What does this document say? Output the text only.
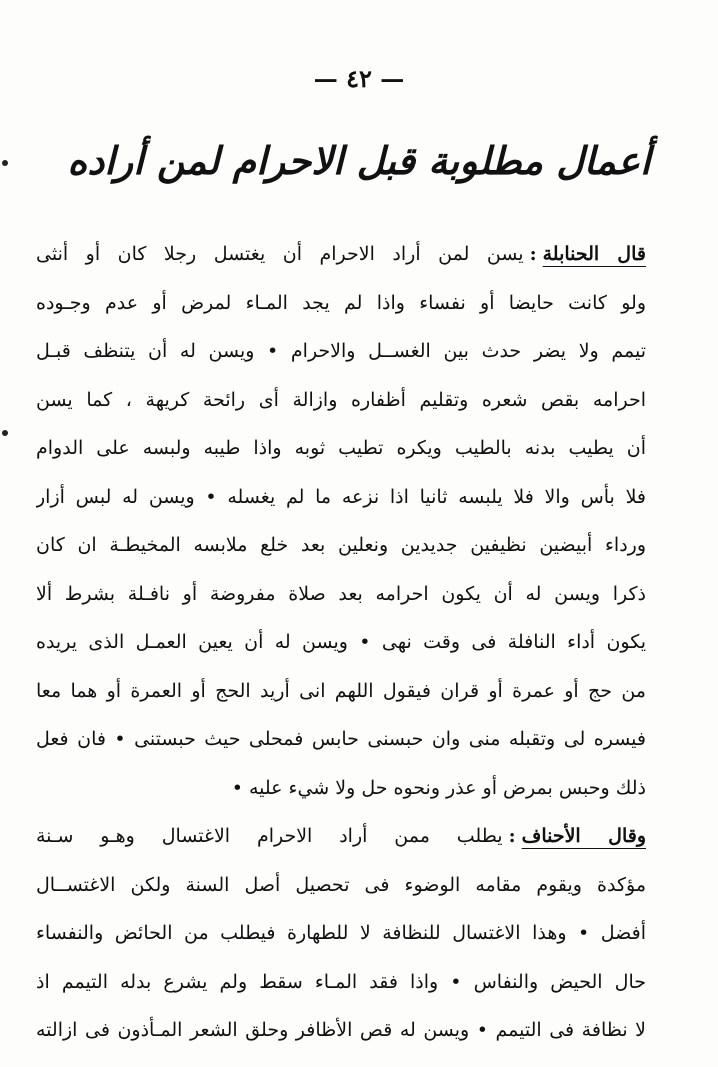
— ٤٢ —
أعمال مطلوبة قبل الاحرام لمن أراده
قال الحنابلة:يسن لمن أراد الاحرام أن يغتسل رجلا كان أو أنثى
ولو كانت حايضا أو نفساء واذا لم يجد المـاء لمرض أو عدم وجـوده
تيمم ولا يضر حدث بين الغســل والاحرام • ويسن له أن يتنظف قبـل
احرامه بقص شعره وتقليم أظفاره وازالة أى رائحة كريهة ، كما يسن
أن يطيب بدنه بالطيب ويكره تطيب ثوبه واذا طيبه ولبسه على الدوام
فلا بأس والا فلا يلبسه ثانيا اذا نزعه ما لم يغسله • ويسن له لبس أزار
ورداء أبيضين نظيفين جديدين ونعلين بعد خلع ملابسه المخيطـة ان كان
ذكرا ويسن له أن يكون احرامه بعد صلاة مفروضة أو نافـلة بشرط ألا
يكون أداء النافلة فى وقت نهى • ويسن له أن يعين العمـل الذى يريده
من حج أو عمرة أو قران فيقول اللهم انى أريد الحج أو العمرة أو هما معا
فيسره لى وتقبله منى وان حبسنى حابس فمحلى حيث حبستنى • فان فعل
ذلك وحبس بمرض أو عذر ونحوه حل ولا شيء عليه •
وقال الأحناف:يطلب ممن أراد الاحرام الاغتسال وهـو سـنة
مؤكدة ويقوم مقامه الوضوء فى تحصيل أصل السنة ولكن الاغتســال
أفضل • وهذا الاغتسال للنظافة لا للطهارة فيطلب من الحائض والنفساء
حال الحيض والنفاس • واذا فقد المـاء سقط ولم يشرع بدله التيمم اذ
لا نظافة فى التيمم • ويسن له قص الأظافر وحلق الشعر المـأذون فى ازالته
